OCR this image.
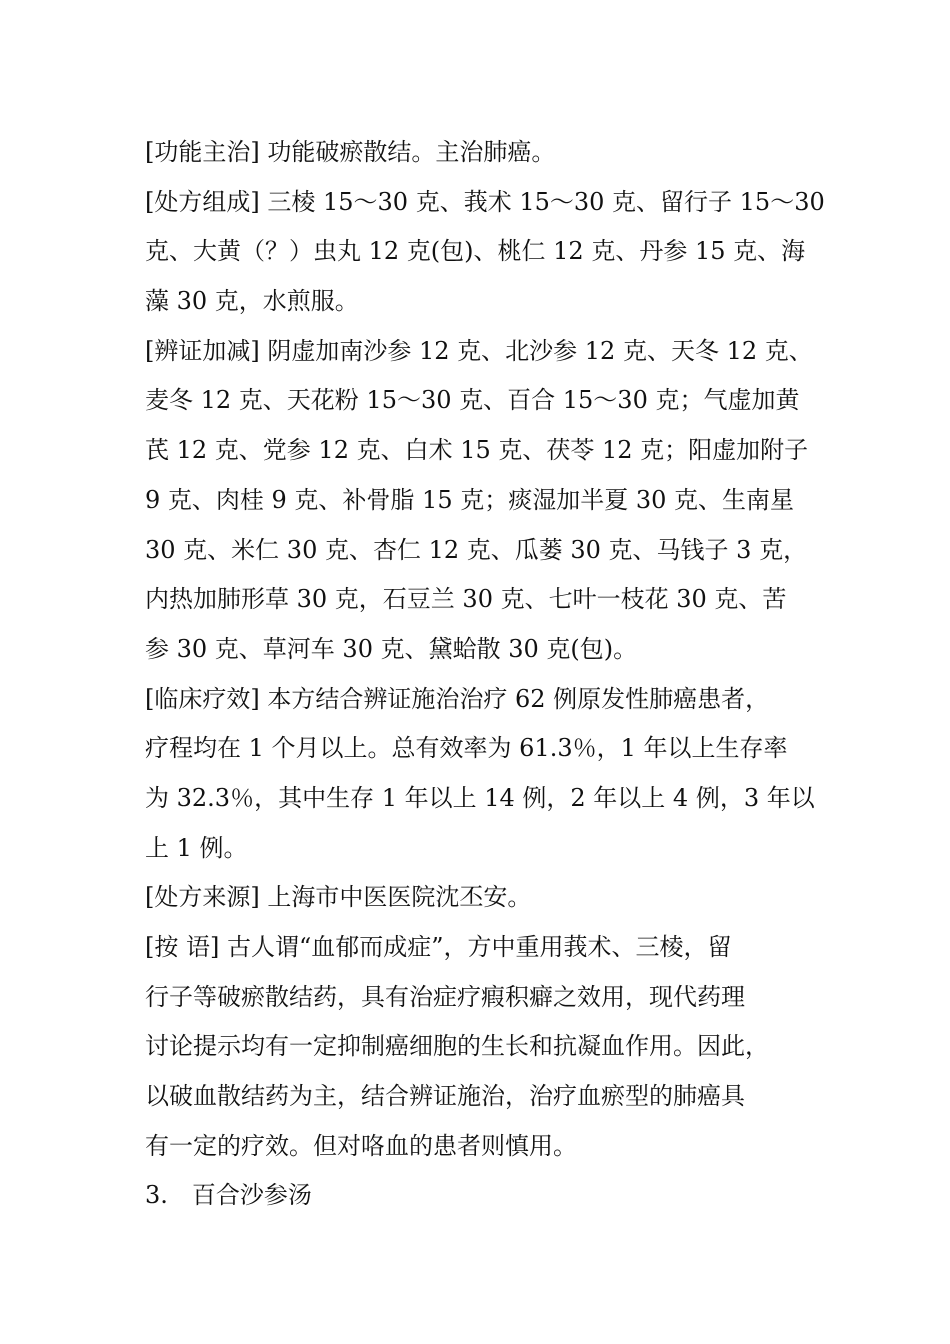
[功能主治] 功能破瘀散结。主治肺癌。
[处方组成] 三棱 15～30 克、莪术 15～30 克、留行子 15～30
克、大黄（？）虫丸 12 克(包)、桃仁 12 克、丹参 15 克、海
藻 30 克，水煎服。
[辨证加减] 阴虚加南沙参 12 克、北沙参 12 克、天冬 12 克、
麦冬 12 克、天花粉 15～30 克、百合 15～30 克；气虚加黄
芪 12 克、党参 12 克、白术 15 克、茯苓 12 克；阳虚加附子
9 克、肉桂 9 克、补骨脂 15 克；痰湿加半夏 30 克、生南星
30 克、米仁 30 克、杏仁 12 克、瓜蒌 30 克、马钱子 3 克，
内热加肺形草 30 克，石豆兰 30 克、七叶一枝花 30 克、苦
参 30 克、草河车 30 克、黛蛤散 30 克(包)。
[临床疗效] 本方结合辨证施治治疗 62 例原发性肺癌患者，
疗程均在 1 个月以上。总有效率为 61.3％，1 年以上生存率
为 32.3％，其中生存 1 年以上 14 例，2 年以上 4 例，3 年以
上 1 例。
[处方来源] 上海市中医医院沈丕安。
[按 语] 古人谓“血郁而成症”，方中重用莪术、三棱，留
行子等破瘀散结药，具有治症疗瘕积癖之效用，现代药理
讨论提示均有一定抑制癌细胞的生长和抗凝血作用。因此，
以破血散结药为主，结合辨证施治，治疗血瘀型的肺癌具
有一定的疗效。但对咯血的患者则慎用。
3.　百合沙参汤
